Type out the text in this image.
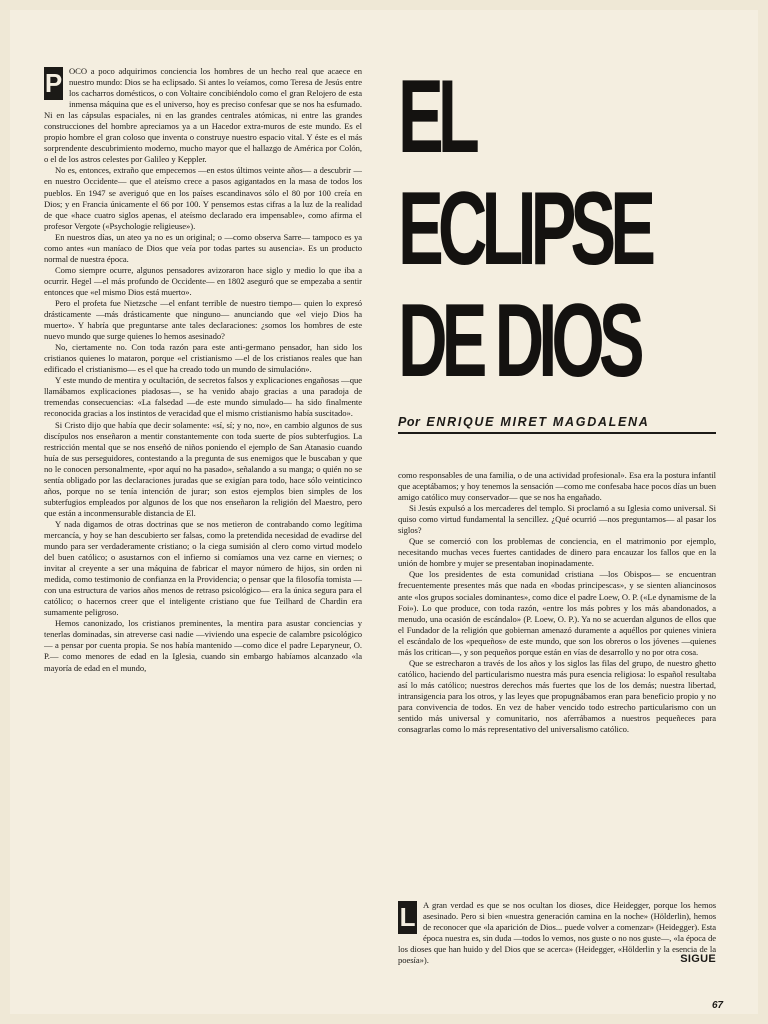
EL
ECLIPSE
DE DIOS
Por ENRIQUE MIRET MAGDALENA

P OCO a poco adquirimos conciencia los hombres de un hecho real que acaece en nuestro mundo: Dios se ha eclipsado. Si antes lo veíamos, como Teresa de Jesús entre los cacharros domésticos, o con Voltaire concibiéndolo como el gran Relojero de esta inmensa máquina que es el universo, hoy es preciso confesar que se nos ha esfumado. Ni en las cápsulas espaciales, ni en las grandes centrales atómicas, ni entre las grandes construcciones del hombre apreciamos ya a un Hacedor extra-muros de este mundo. Es el propio hombre el gran coloso que inventa o construye nuestro espacio vital. Y éste es el más sorprendente descubrimiento moderno, mucho mayor que el hallazgo de América por Colón, o el de los astros celestes por Galileo y Keppler.

No es, entonces, extraño que empecemos —en estos últimos veinte años— a descubrir —en nuestro Occidente— que el ateísmo crece a pasos agigantados en la masa de todos los pueblos. En 1947 se averiguó que en los países escandinavos sólo el 80 por 100 creía en Dios; y en Francia únicamente el 66 por 100. Y pensemos estas cifras a la luz de la realidad de que «hace cuatro siglos apenas, el ateísmo declarado era impensable», como afirma el profesor Vergote («Psychologie religieuse»).

En nuestros días, un ateo ya no es un original; o —como observa Sarre— tampoco es ya como antes «un maníaco de Dios que veía por todas partes su ausencia». Es un producto normal de nuestra época.

Como siempre ocurre, algunos pensadores avizoraron hace siglo y medio lo que iba a ocurrir. Hegel —el más profundo de Occidente— en 1802 aseguró que se empezaba a sentir entonces que «el mismo Dios está muerto».

Pero el profeta fue Nietzsche —el enfant terrible de nuestro tiempo— quien lo expresó drásticamente —más drásticamente que ninguno— anunciando que «el viejo Dios ha muerto». Y habría que preguntarse ante tales declaraciones: ¿somos los hombres de este nuevo mundo que surge quienes lo hemos asesinado?

No, ciertamente no. Con toda razón para este anti-germano pensador, han sido los cristianos quienes lo mataron, porque «el cristianismo —el de los cristianos reales que han edificado el cristianismo— es el que ha creado todo un mundo de simulación».

Y este mundo de mentira y ocultación, de secretos falsos y explicaciones engañosas —que llamábamos explicaciones piadosas—, se ha venido abajo gracias a una paradoja de tremendas consecuencias: «La falsedad —de este mundo simulado— ha sido finalmente reconocida gracias a los instintos de veracidad que el mismo cristianismo había suscitado».

Si Cristo dijo que había que decir solamente: «sí, sí; y no, no», en cambio algunos de sus discípulos nos enseñaron a mentir constantemente con toda suerte de píos subterfugios. La restricción mental que se nos enseñó de niños poniendo el ejemplo de San Atanasio cuando huía de sus perseguidores, contestando a la pregunta de sus enemigos que le buscaban y que no le conocen personalmente, «por aquí no ha pasado», señalando a su manga; o quién no se sentía obligado por las declaraciones juradas que se exigían para todo, hace sólo veinticinco años, porque no se tenía intención de jurar; son estos ejemplos bien simples de los subterfugios empleados por algunos de los que nos enseñaron la religión del Maestro, pero que están a inconmensurable distancia de El.

Y nada digamos de otras doctrinas que se nos metieron de contrabando como legítima mercancía, y hoy se han descubierto ser falsas, como la pretendida necesidad de evadirse del mundo para ser verdaderamente cristiano; o la ciega sumisión al clero como virtud modelo del buen católico; o asustarnos con el infierno si comíamos una vez carne en viernes; o invitar al creyente a ser una máquina de fabricar el mayor número de hijos, sin orden ni medida, como testimonio de confianza en la Providencia; o pensar que la filosofía tomista —con una estructura de varios años menos de retraso psicológico— era la única segura para el católico; o hacernos creer que el inteligente cristiano que fue Teilhard de Chardin era sumamente peligroso.

Hemos canonizado, los cristianos preminentes, la mentira para asustar conciencias y tenerlas dominadas, sin atreverse casi nadie —viviendo una especie de calambre psicológico— a pensar por cuenta propia. Se nos había mantenido —como dice el padre Leparyneur, O. P.— como menores de edad en la Iglesia, cuando sin embargo habíamos alcanzado «la mayoría de edad en el mundo,

como responsables de una familia, o de una actividad profesional». Esa era la postura infantil que aceptábamos; y hoy tenemos la sensación —como me confesaba hace pocos días un buen amigo católico muy conservador— que se nos ha engañado.

Si Jesús expulsó a los mercaderes del templo. Si proclamó a su Iglesia como universal. Si quiso como virtud fundamental la sencillez. ¿Qué ocurrió —nos preguntamos— al pasar los siglos?

Que se comerció con los problemas de conciencia, en el matrimonio por ejemplo, necesitando muchas veces fuertes cantidades de dinero para encauzar los fallos que en la unión de hombre y mujer se presentaban inopinadamente.

Que los presidentes de esta comunidad cristiana —los Obispos— se encuentran frecuentemente presentes más que nada en «bodas principescas», y se sienten aliancinosos ante «los grupos sociales dominantes», como dice el padre Loew, O. P. («Le dynamisme de la Foi»). Lo que produce, con toda razón, «entre los más pobres y los más abandonados, a menudo, una ocasión de escándalo» (P. Loew, O. P.). Ya no se acuerdan algunos de ellos que el Fundador de la religión que gobiernan amenazó duramente a aquéllos por quienes viniera el escándalo de los «pequeños» de este mundo, que son los obreros o los jóvenes —quienes más los critican—, y son pequeños porque están en vías de desarrollo y no por otra cosa.

Que se estrecharon a través de los años y los siglos las filas del grupo, de nuestro ghetto católico, haciendo del particularismo nuestra más pura esencia religiosa: lo español resultaba así lo más católico; nuestros derechos más fuertes que los de los demás; nuestra libertad, intransigencia para los otros, y las leyes que propugnábamos eran para beneficio propio y no para convivencia de todos. En vez de haber vencido todo estrecho particularismo con un sentido más universal y comunitario, nos aferrábamos a nuestros pequeñeces para consagrarlas como lo más representativo del universalismo católico.

L A gran verdad es que se nos ocultan los dioses, dice Heidegger, porque los hemos asesinado. Pero si bien «nuestra generación camina en la noche» (Hölderlin), hemos de reconocer que «la aparición de Dios... puede volver a comenzar» (Heidegger). Esta época nuestra es, sin duda —todos lo vemos, nos guste o no nos guste—, «la época de los dioses que han huido y del Dios que se acerca» (Heidegger, «Hölderlin y la esencia de la poesía»).	SIGUE

67
